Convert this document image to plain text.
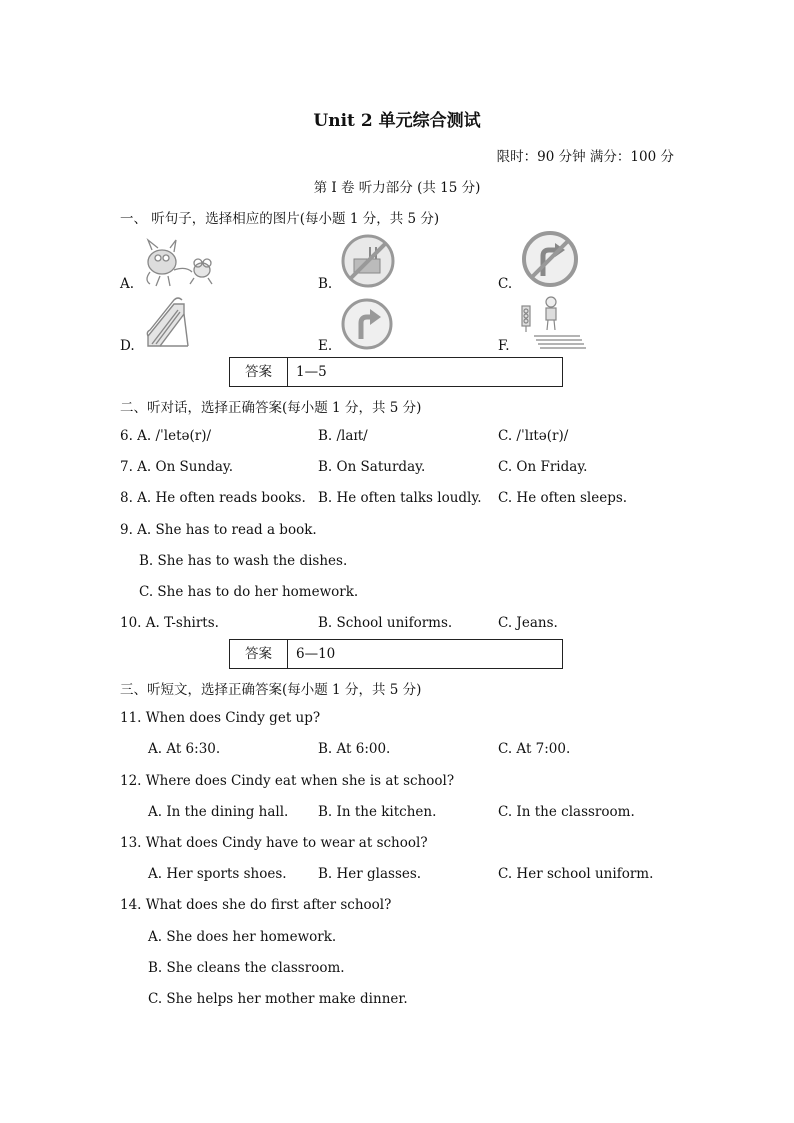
Unit 2 单元综合测试
限时：90 分钟 满分：100 分
第 I 卷 听力部分 (共 15 分)
一、 听句子，选择相应的图片(每小题 1 分，共 5 分)
A.	B.	C.
D.	E.	F.
答案	1—5
二、听对话，选择正确答案(每小题 1 分，共 5 分)
6. A. /ˈletə(r)/	B. /laɪt/	C. /ˈlɪtə(r)/
7. A. On Sunday.	B. On Saturday.	C. On Friday.
8. A. He often reads books. B. He often talks loudly. C. He often sleeps.
9. A. She has to read a book.
B. She has to wash the dishes.
C. She has to do her homework.
10. A. T-shirts.	B. School uniforms.	C. Jeans.
答案	6—10
三、听短文，选择正确答案(每小题 1 分，共 5 分)
11. When does Cindy get up?
A. At 6:30.	B. At 6:00.	C. At 7:00.
12. Where does Cindy eat when she is at school?
A. In the dining hall. B. In the kitchen.	C. In the classroom.
13. What does Cindy have to wear at school?
A. Her sports shoes. B. Her glasses.	C. Her school uniform.
14. What does she do first after school?
A. She does her homework.
B. She cleans the classroom.
C. She helps her mother make dinner.
